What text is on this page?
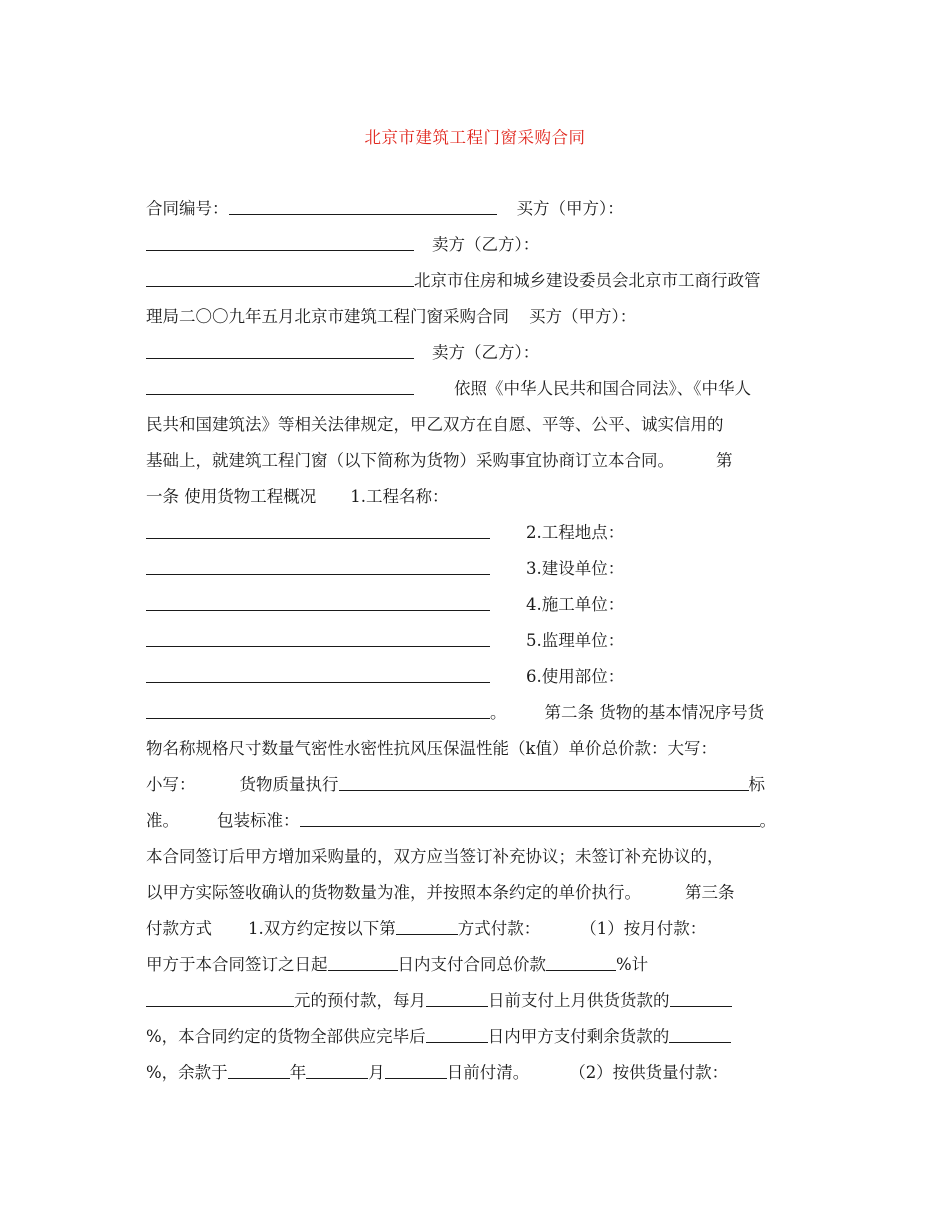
北京市建筑工程门窗采购合同
合同编号：	买方（甲方）：
卖方（乙方）：
北京市住房和城乡建设委员会北京市工商行政管
理局二〇〇九年五月北京市建筑工程门窗采购合同 买方（甲方）：
卖方（乙方）：
依照《中华人民共和国合同法》、《中华人
民共和国建筑法》等相关法律规定，甲乙双方在自愿、平等、公平、诚实信用的
基础上，就建筑工程门窗（以下简称为货物）采购事宜协商订立本合同。	第
一条 使用货物工程概况 1.工程名称：
2.工程地点：
3.建设单位：
4.施工单位：
5.监理单位：
6.使用部位：
。 第二条 货物的基本情况序号货
物名称规格尺寸数量气密性水密性抗风压保温性能（k值）单价总价款：大写：
小写：	货物质量执行	标
准。 包装标准：	。
本合同签订后甲方增加采购量的，双方应当签订补充协议；未签订补充协议的，
以甲方实际签收确认的货物数量为准，并按照本条约定的单价执行。	第三条
付款方式 1.双方约定按以下第	方式付款： （1）按月付款：
甲方于本合同签订之日起	日内支付合同总价款	%计
元的预付款，每月	日前支付上月供货货款的
%，本合同约定的货物全部供应完毕后	日内甲方支付剩余货款的
%，余款于	年	月	日前付清。 （2）按供货量付款：
